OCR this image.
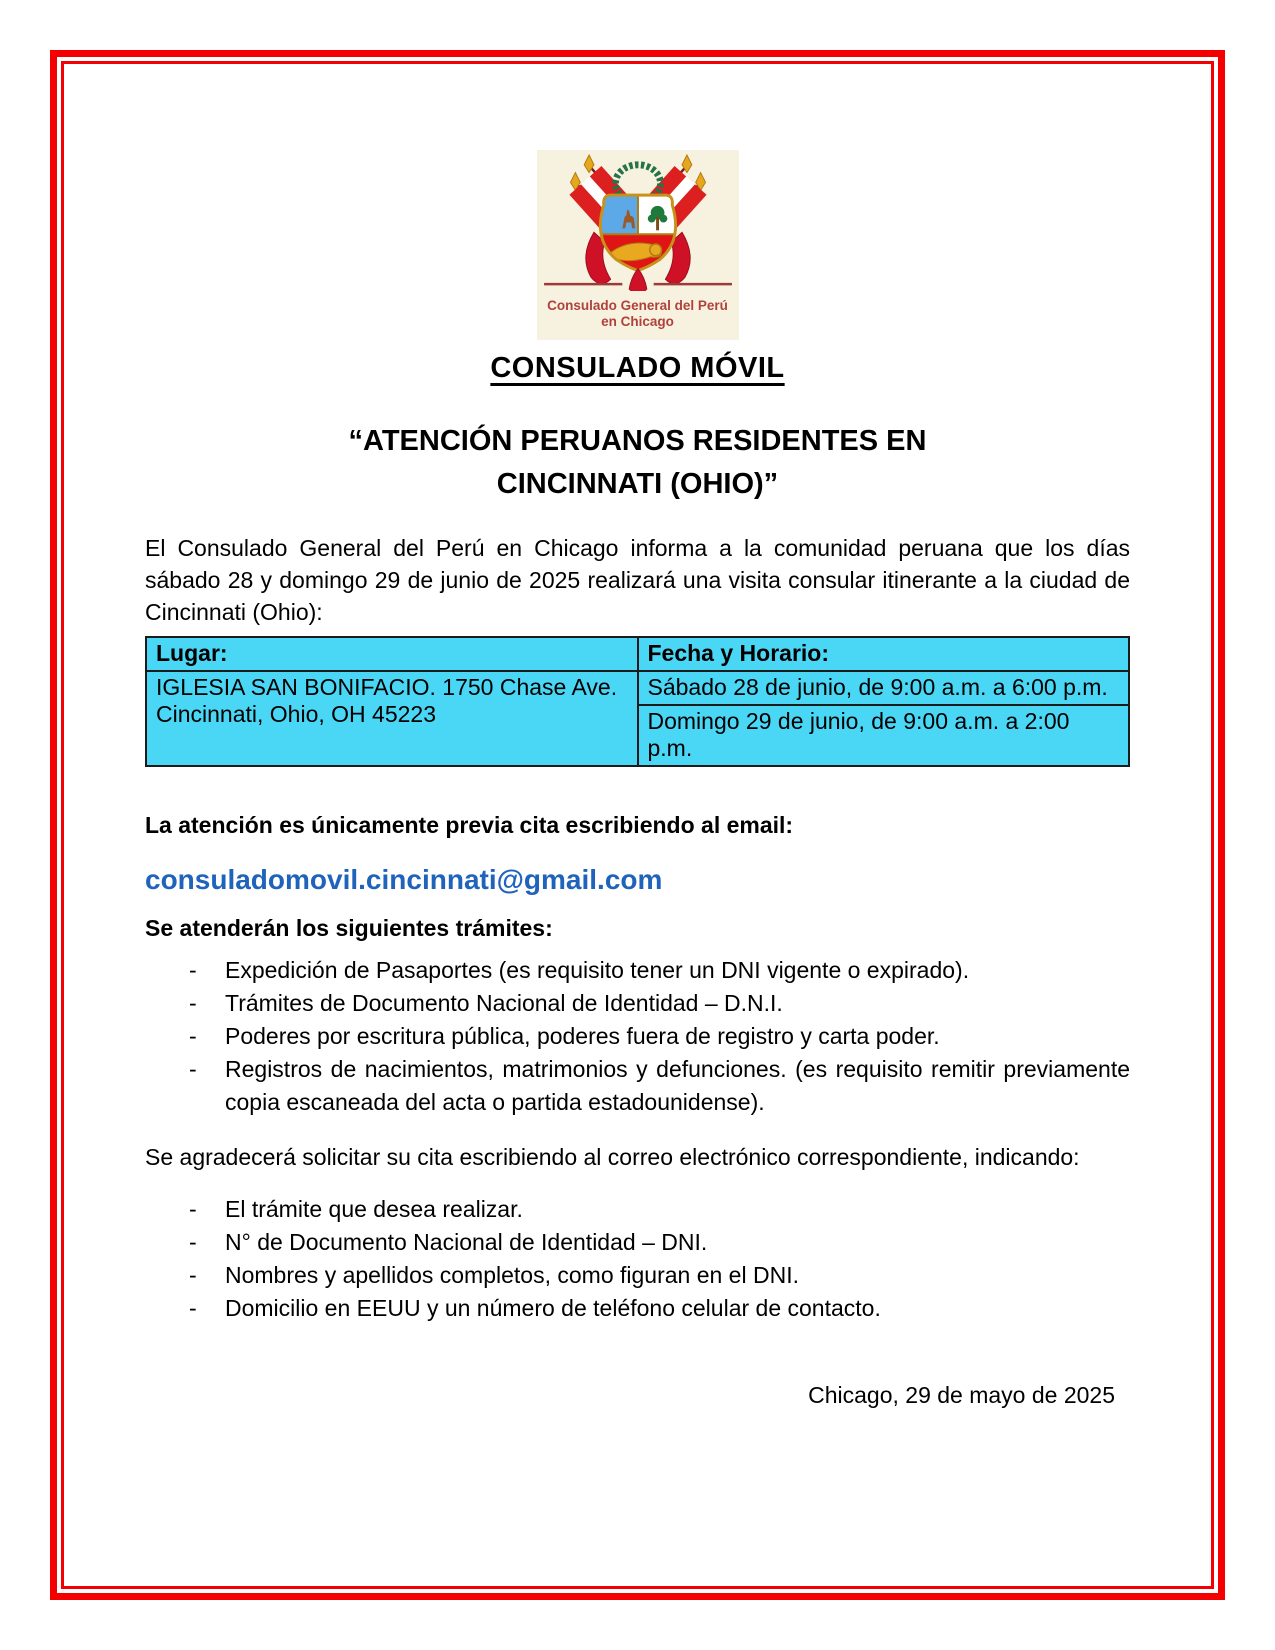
Consulado General del Perú
en Chicago
CONSULADO MÓVIL
“ATENCIÓN PERUANOS RESIDENTES EN
CINCINNATI (OHIO)”
El Consulado General del Perú en Chicago informa a la comunidad peruana que los días sábado 28 y domingo 29 de junio de 2025 realizará una visita consular itinerante a la ciudad de Cincinnati (Ohio):
Lugar:	Fecha y Horario:
IGLESIA SAN BONIFACIO. 1750 Chase Ave. Cincinnati, Ohio, OH 45223	Sábado 28 de junio, de 9:00 a.m. a 6:00 p.m.
	Domingo 29 de junio, de 9:00 a.m. a 2:00 p.m.
La atención es únicamente previa cita escribiendo al email:
consuladomovil.cincinnati@gmail.com
Se atenderán los siguientes trámites:
-	Expedición de Pasaportes (es requisito tener un DNI vigente o expirado).
-	Trámites de Documento Nacional de Identidad – D.N.I.
-	Poderes por escritura pública, poderes fuera de registro y carta poder.
-	Registros de nacimientos, matrimonios y defunciones. (es requisito remitir previamente copia escaneada del acta o partida estadounidense).
Se agradecerá solicitar su cita escribiendo al correo electrónico correspondiente, indicando:
-	El trámite que desea realizar.
-	N° de Documento Nacional de Identidad – DNI.
-	Nombres y apellidos completos, como figuran en el DNI.
-	Domicilio en EEUU y un número de teléfono celular de contacto.
Chicago, 29 de mayo de 2025
